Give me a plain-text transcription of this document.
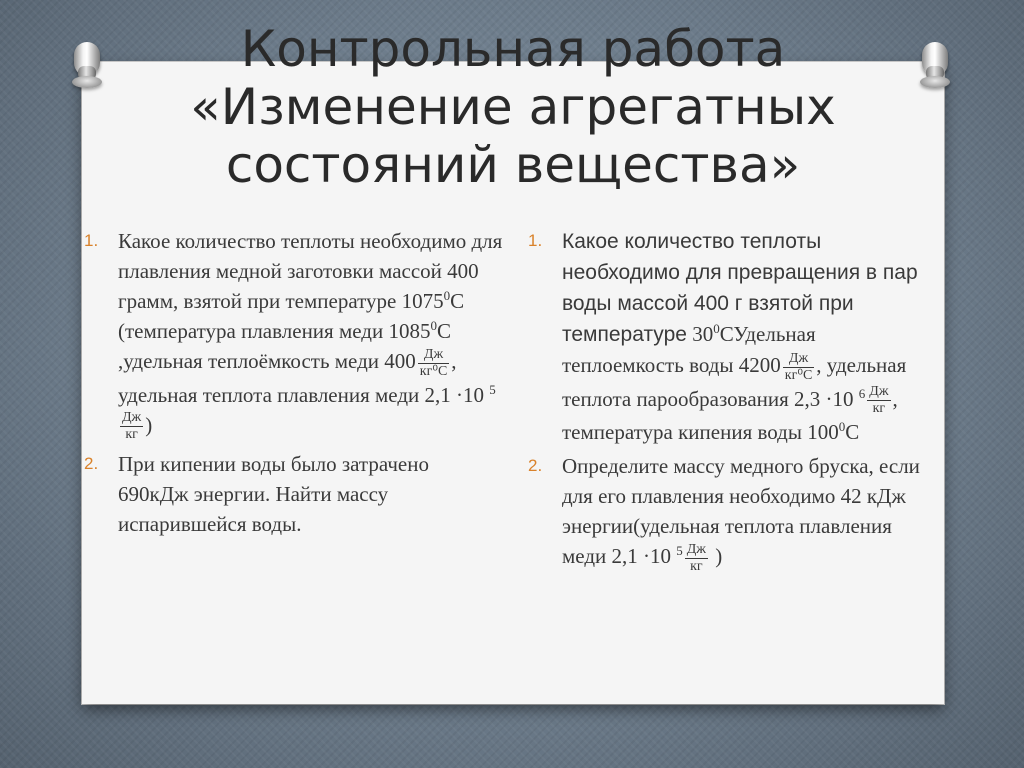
Контрольная работа
«Изменение агрегатных
состояний вещества»
1. Какое количество теплоты необходимо для плавления медной заготовки массой 400 грамм, взятой при температуре 1075$^0$С (температура плавления меди 1085$^0$С ,удельная теплоёмкость меди $400 \frac{Дж}{\text{кг⁰С}}$ , удельная теплота плавления меди 2,1 ·10 $^5$
$\frac{Дж}{кг}$ )
2. При кипении воды было затрачено 690кДж энергии. Найти массу испарившейся воды.
1. Какое количество теплоты необходимо для превращения в пар воды массой 400 г взятой при температуре $30^0СУдельная$ теплоемкость воды $4200 \frac{Дж}{\text{кг⁰С}}$ , удельная теплота парообразования 2,3 ·10 $^6 \frac{Дж}{кг}$ , температура кипения воды $100^0С$
2. Определите массу медного бруска, если для его плавления необходимо 42 кДж энергии(удельная теплота плавления меди 2,1 ·10 $^5 \frac{Дж}{кг}$ )
